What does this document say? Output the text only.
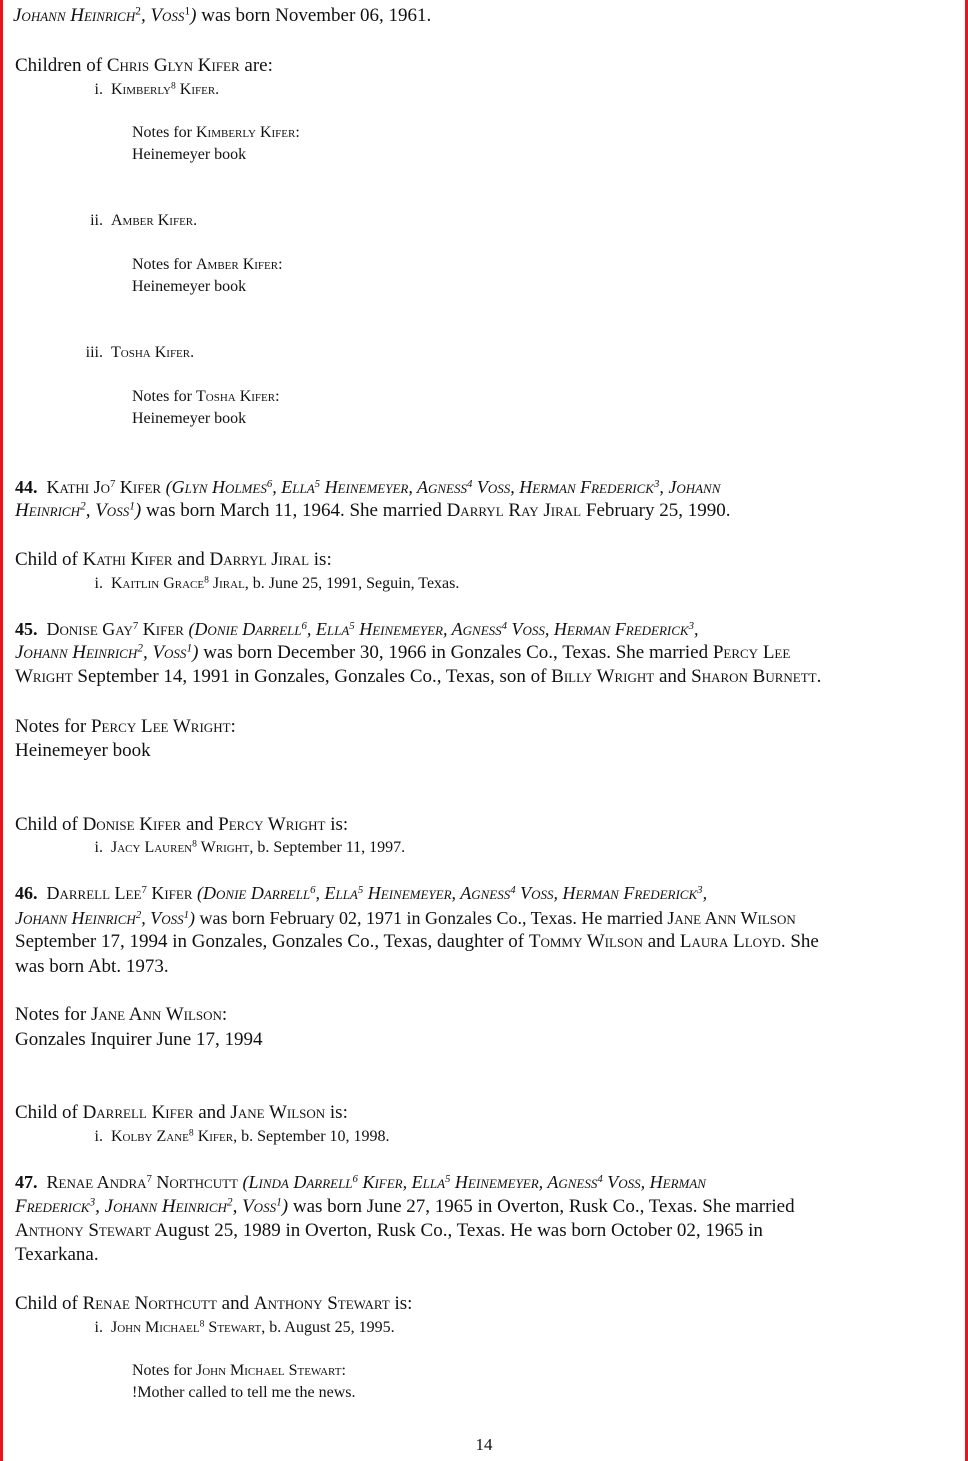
Johann Heinrich$^2$, Voss$^1$) was born November 06, 1961.
Children of Chris Glyn Kifer are:
i. Kimberly$^8$ Kifer.
Notes for Kimberly Kifer:
Heinemeyer book
ii. Amber Kifer.
Notes for Amber Kifer:
Heinemeyer book
iii. Tosha Kifer.
Notes for Tosha Kifer:
Heinemeyer book
44. Kathi Jo$^7$ Kifer (Glyn Holmes$^6$, Ella$^5$ Heinemeyer, Agness$^4$ Voss, Herman Frederick$^3$, Johann
Heinrich$^2$, Voss$^1$) was born March 11, 1964. She married Darryl Ray Jiral February 25, 1990.
Child of Kathi Kifer and Darryl Jiral is:
i. Kaitlin Grace$^8$ Jiral, b. June 25, 1991, Seguin, Texas.
45. Donise Gay$^7$ Kifer (Donie Darrell$^6$, Ella$^5$ Heinemeyer, Agness$^4$ Voss, Herman Frederick$^3$,
Johann Heinrich$^2$, Voss$^1$) was born December 30, 1966 in Gonzales Co., Texas. She married Percy Lee
Wright September 14, 1991 in Gonzales, Gonzales Co., Texas, son of Billy Wright and Sharon Burnett.
Notes for Percy Lee Wright:
Heinemeyer book
Child of Donise Kifer and Percy Wright is:
i. Jacy Lauren$^8$ Wright, b. September 11, 1997.
46. Darrell Lee$^7$ Kifer (Donie Darrell$^6$, Ella$^5$ Heinemeyer, Agness$^4$ Voss, Herman Frederick$^3$,
Johann Heinrich$^2$, Voss$^1$) was born February 02, 1971 in Gonzales Co., Texas. He married Jane Ann Wilson
September 17, 1994 in Gonzales, Gonzales Co., Texas, daughter of Tommy Wilson and Laura Lloyd. She
was born Abt. 1973.
Notes for Jane Ann Wilson:
Gonzales Inquirer June 17, 1994
Child of Darrell Kifer and Jane Wilson is:
i. Kolby Zane$^8$ Kifer, b. September 10, 1998.
47. Renae Andra$^7$ Northcutt (Linda Darrell$^6$ Kifer, Ella$^5$ Heinemeyer, Agness$^4$ Voss, Herman
Frederick$^3$, Johann Heinrich$^2$, Voss$^1$) was born June 27, 1965 in Overton, Rusk Co., Texas. She married
Anthony Stewart August 25, 1989 in Overton, Rusk Co., Texas. He was born October 02, 1965 in
Texarkana.
Child of Renae Northcutt and Anthony Stewart is:
i. John Michael$^8$ Stewart, b. August 25, 1995.
Notes for John Michael Stewart:
!Mother called to tell me the news.
14
